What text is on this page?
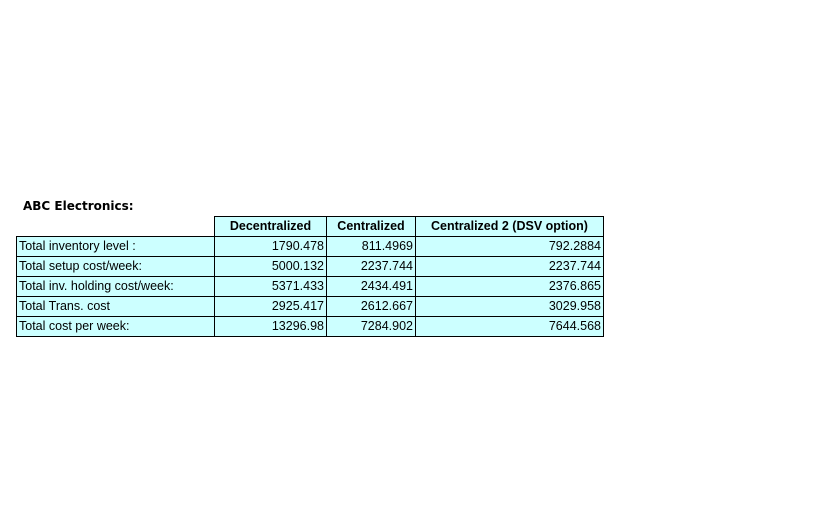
ABC Electronics:
	Decentralized	Centralized	Centralized 2 (DSV option)
Total inventory level :	1790.478	811.4969	792.2884
Total setup cost/week:	5000.132	2237.744	2237.744
Total inv. holding cost/week:	5371.433	2434.491	2376.865
Total Trans. cost	2925.417	2612.667	3029.958
Total cost per week:	13296.98	7284.902	7644.568
